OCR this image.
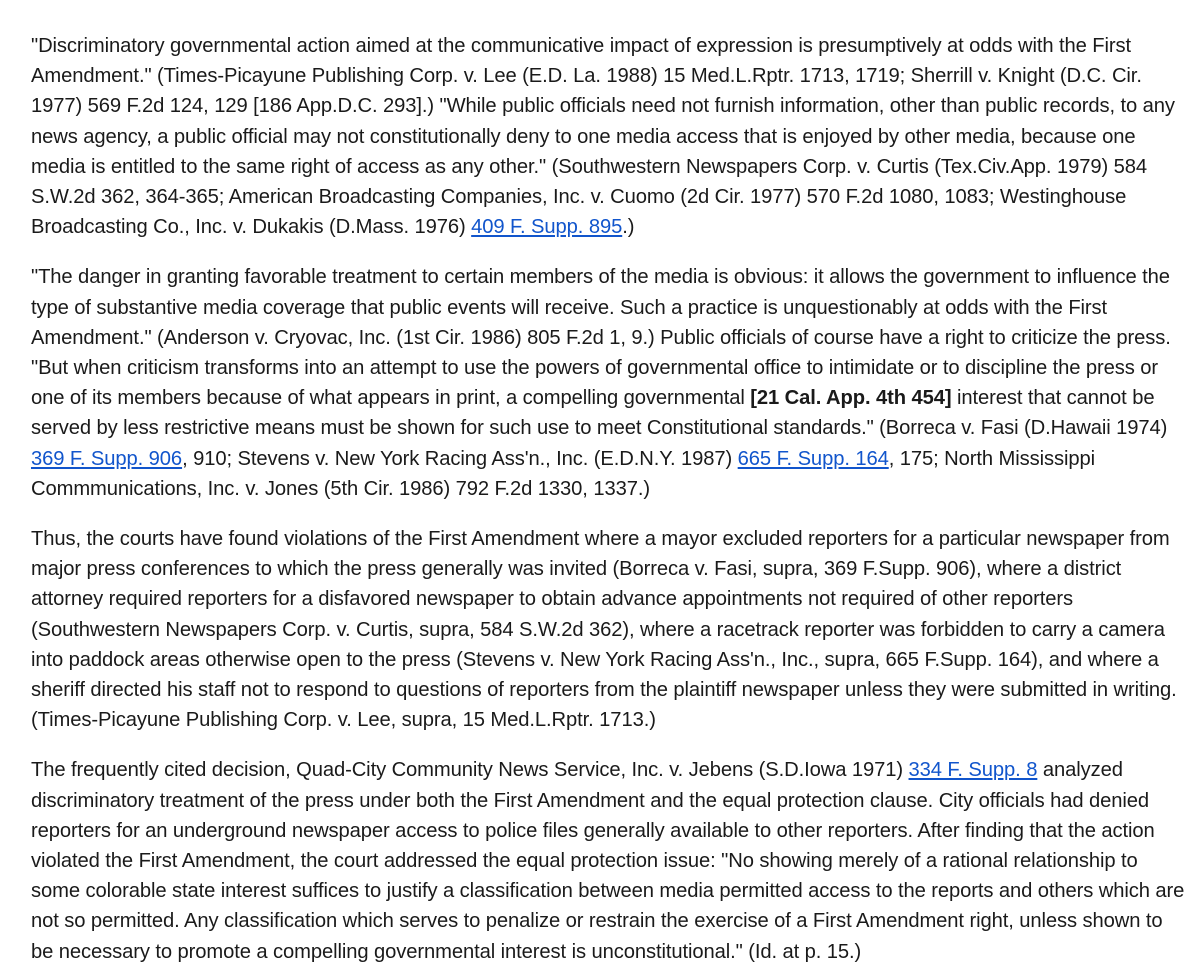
"Discriminatory governmental action aimed at the communicative impact of expression is presumptively at odds with the First Amendment." (Times-Picayune Publishing Corp. v. Lee (E.D. La. 1988) 15 Med.L.Rptr. 1713, 1719; Sherrill v. Knight (D.C. Cir. 1977) 569 F.2d 124, 129 [186 App.D.C. 293].) "While public officials need not furnish information, other than public records, to any news agency, a public official may not constitutionally deny to one media access that is enjoyed by other media, because one media is entitled to the same right of access as any other." (Southwestern Newspapers Corp. v. Curtis (Tex.Civ.App. 1979) 584 S.W.2d 362, 364-365; American Broadcasting Companies, Inc. v. Cuomo (2d Cir. 1977) 570 F.2d 1080, 1083; Westinghouse Broadcasting Co., Inc. v. Dukakis (D.Mass. 1976) 409 F. Supp. 895.)

"The danger in granting favorable treatment to certain members of the media is obvious: it allows the government to influence the type of substantive media coverage that public events will receive. Such a practice is unquestionably at odds with the First Amendment." (Anderson v. Cryovac, Inc. (1st Cir. 1986) 805 F.2d 1, 9.) Public officials of course have a right to criticize the press. "But when criticism transforms into an attempt to use the powers of governmental office to intimidate or to discipline the press or one of its members because of what appears in print, a compelling governmental [21 Cal. App. 4th 454] interest that cannot be served by less restrictive means must be shown for such use to meet Constitutional standards." (Borreca v. Fasi (D.Hawaii 1974) 369 F. Supp. 906, 910; Stevens v. New York Racing Ass'n., Inc. (E.D.N.Y. 1987) 665 F. Supp. 164, 175; North Mississippi Commmunications, Inc. v. Jones (5th Cir. 1986) 792 F.2d 1330, 1337.)

Thus, the courts have found violations of the First Amendment where a mayor excluded reporters for a particular newspaper from major press conferences to which the press generally was invited (Borreca v. Fasi, supra, 369 F.Supp. 906), where a district attorney required reporters for a disfavored newspaper to obtain advance appointments not required of other reporters (Southwestern Newspapers Corp. v. Curtis, supra, 584 S.W.2d 362), where a racetrack reporter was forbidden to carry a camera into paddock areas otherwise open to the press (Stevens v. New York Racing Ass'n., Inc., supra, 665 F.Supp. 164), and where a sheriff directed his staff not to respond to questions of reporters from the plaintiff newspaper unless they were submitted in writing. (Times-Picayune Publishing Corp. v. Lee, supra, 15 Med.L.Rptr. 1713.)

The frequently cited decision, Quad-City Community News Service, Inc. v. Jebens (S.D.Iowa 1971) 334 F. Supp. 8 analyzed discriminatory treatment of the press under both the First Amendment and the equal protection clause. City officials had denied reporters for an underground newspaper access to police files generally available to other reporters. After finding that the action violated the First Amendment, the court addressed the equal protection issue: "No showing merely of a rational relationship to some colorable state interest suffices to justify a classification between media permitted access to the reports and others which are not so permitted. Any classification which serves to penalize or restrain the exercise of a First Amendment right, unless shown to be necessary to promote a compelling governmental interest is unconstitutional." (Id. at p. 15.)
